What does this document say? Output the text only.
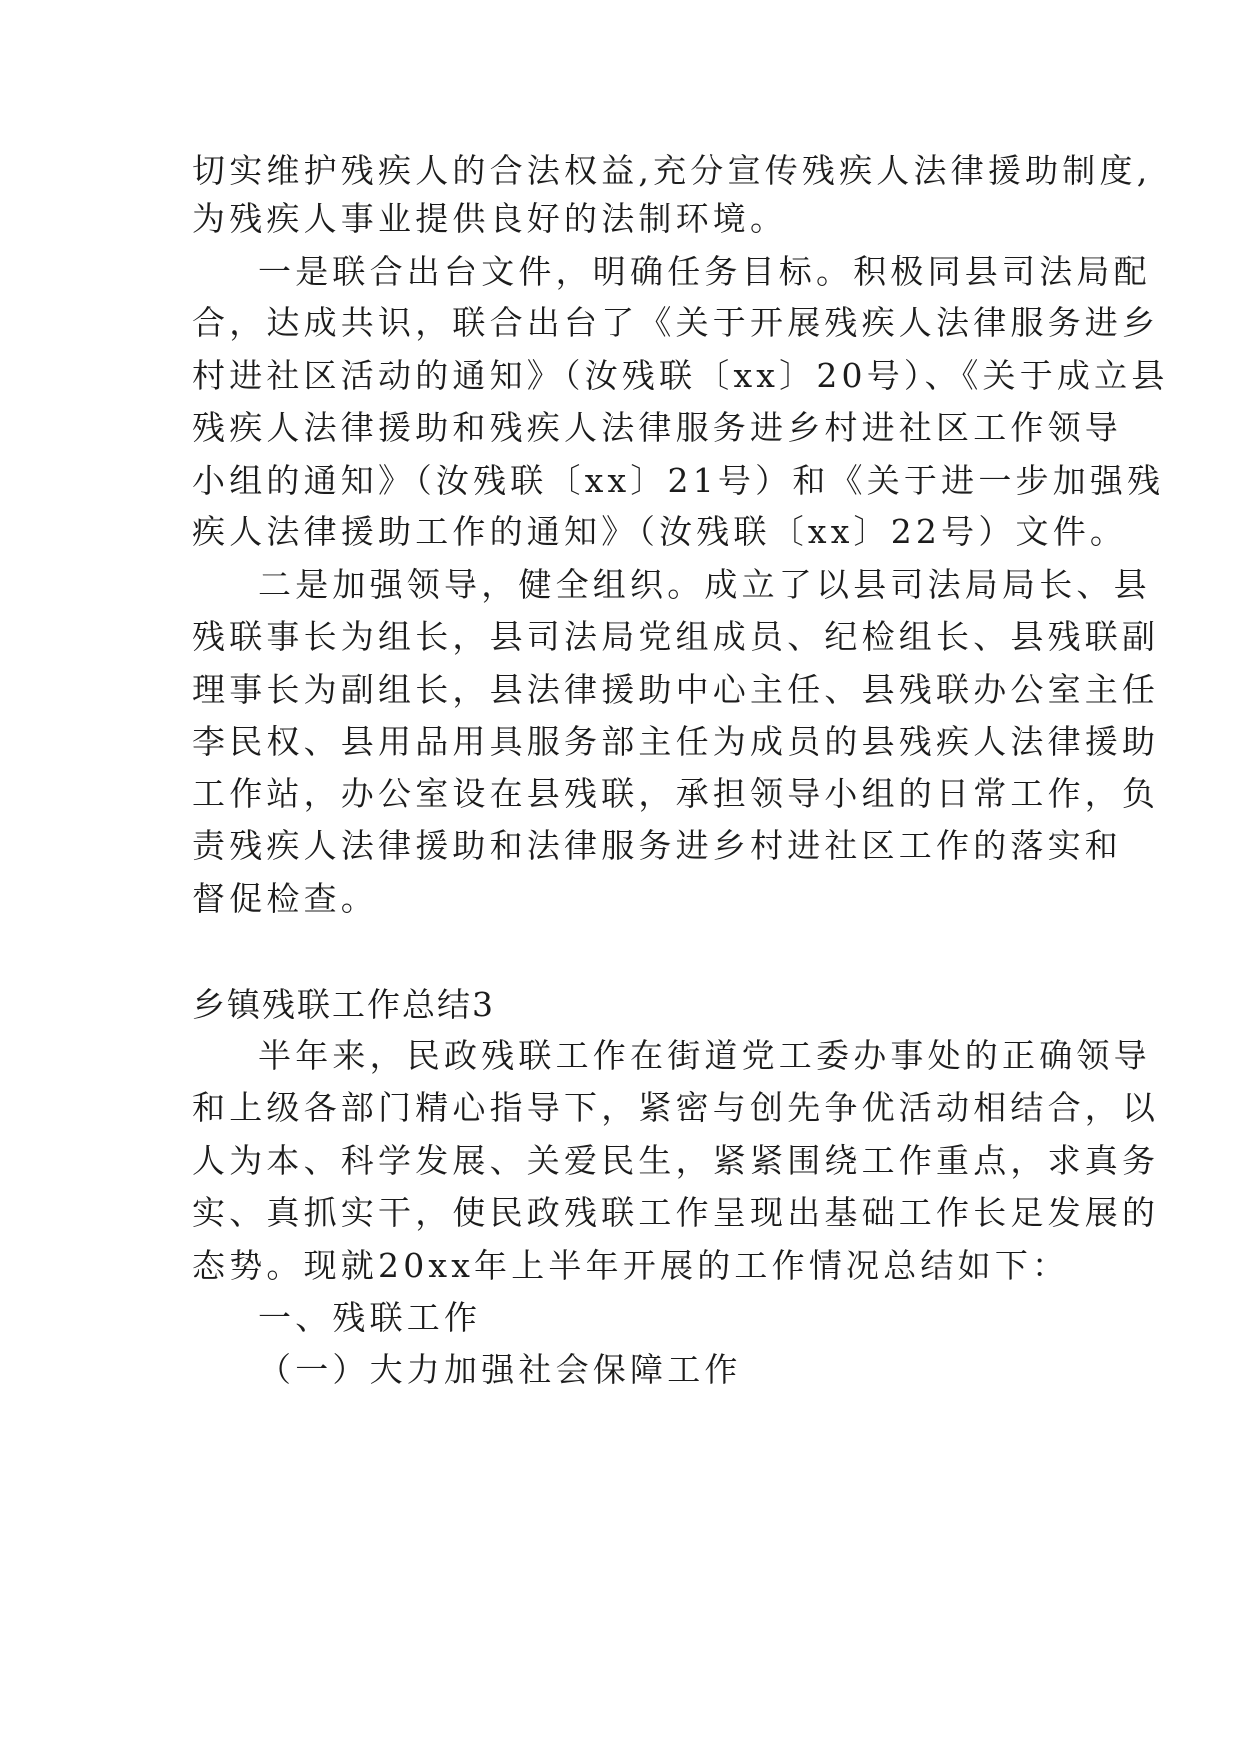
切实维护残疾人的合法权益,充分宣传残疾人法律援助制度,
为残疾人事业提供良好的法制环境。
一是联合出台文件，明确任务目标。积极同县司法局配
合，达成共识，联合出台了《关于开展残疾人法律服务进乡
村进社区活动的通知》（汝残联〔xx〕20号）、《关于成立县
残疾人法律援助和残疾人法律服务进乡村进社区工作领导
小组的通知》（汝残联〔xx〕21号）和《关于进一步加强残
疾人法律援助工作的通知》（汝残联〔xx〕22号）文件。
二是加强领导，健全组织。成立了以县司法局局长、县
残联事长为组长，县司法局党组成员、纪检组长、县残联副
理事长为副组长，县法律援助中心主任、县残联办公室主任
李民权、县用品用具服务部主任为成员的县残疾人法律援助
工作站，办公室设在县残联，承担领导小组的日常工作，负
责残疾人法律援助和法律服务进乡村进社区工作的落实和
督促检查。
乡镇残联工作总结3
半年来，民政残联工作在街道党工委办事处的正确领导
和上级各部门精心指导下，紧密与创先争优活动相结合，以
人为本、科学发展、关爱民生，紧紧围绕工作重点，求真务
实、真抓实干，使民政残联工作呈现出基础工作长足发展的
态势。现就20xx年上半年开展的工作情况总结如下：
一、残联工作
（一）大力加强社会保障工作
